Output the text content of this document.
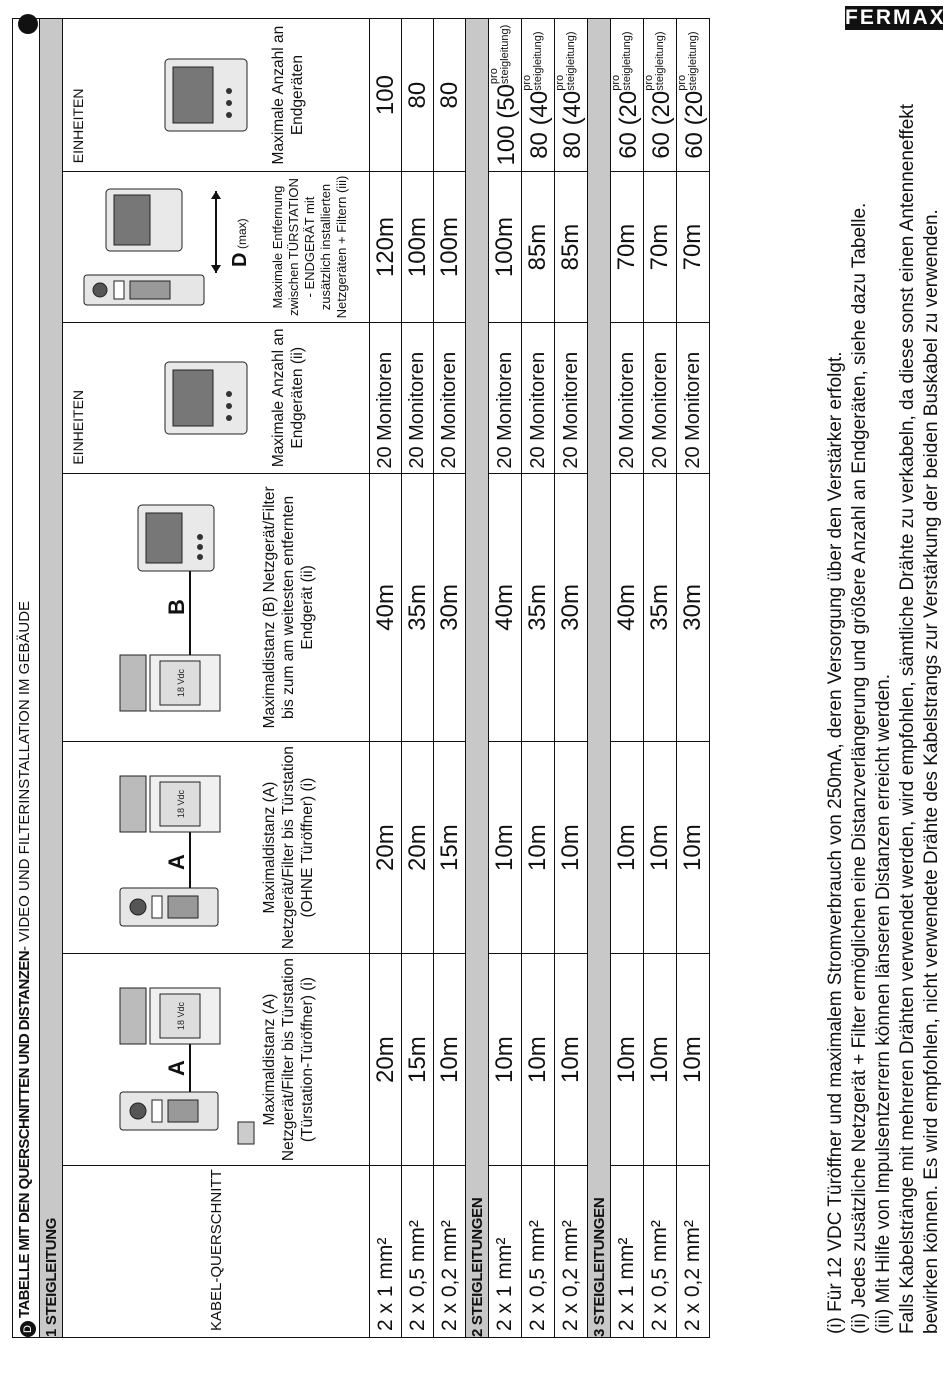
FERMAX
DTABELLE MIT DEN QUERSCHNITTEN UND DISTANZEN- VIDEO UND FILTERINSTALLATION IM GEBÄUDE						
1 STEIGLEITUNG						
KABEL-QUERSCHNITT	18 Vdc
A Maximaldistanz (A) Netzgerät/Filter bis Türstation (Türstation-Türöffner) (i)	18 Vdc
A Maximaldistanz (A) Netzgerät/Filter bis Türstation (OHNE Türöffner) (i)	18 Vdc
B Maximaldistanz (B) Netzgerät/Filter bis zum am weitesten entfernten Endgerät (ii)	EINHEITEN Maximale Anzahl an Endgeräten (ii)	D
(max) Maximale Entfernung zwischen TÜRSTATION - ENDGERÄT mit zusätzlich installierten Netzgeräten + Filtern (iii)	EINHEITEN Maximale Anzahl an Endgeräten

2 x 1 mm²	20m	20m	40m	20 Monitoren	120m	100
2 x 0,5 mm²	15m	20m	35m	20 Monitoren	100m	80
2 x 0,2 mm²	10m	15m	30m	20 Monitoren	100m	80
2 STEIGLEITUNGEN						
2 x 1 mm²	10m	10m	40m	20 Monitoren	100m	100 (50pro
steigleitung)
2 x 0,5 mm²	10m	10m	35m	20 Monitoren	85m	80 (40pro
steigleitung)
2 x 0,2 mm²	10m	10m	30m	20 Monitoren	85m	80 (40pro
steigleitung)
3 STEIGLEITUNGEN						
2 x 1 mm²	10m	10m	40m	20 Monitoren	70m	60 (20pro
steigleitung)
2 x 0,5 mm²	10m	10m	35m	20 Monitoren	70m	60 (20pro
steigleitung)
2 x 0,2 mm²	10m	10m	30m	20 Monitoren	70m	60 (20pro
steigleitung)

(i) Für 12 VDC Türöffner und maximalem Stromverbrauch von 250mA, deren Versorgung über den Verstärker erfolgt. (ii) Jedes zusätzliche Netzgerät + Filter ermöglichen eine Distanzverlängerung und größere Anzahl an Endgeräten, siehe dazu Tabelle. (iii) Mit Hilfe von Impulsentzerrern können länseren Distanzen erreicht werden. Falls Kabelstränge mit mehreren Drähten verwendet werden, wird empfohlen, sämtliche Drähte zu verkabeln, da diese sonst einen Antenneneffekt bewirken können. Es wird empfohlen, nicht verwendete Drähte des Kabelstrangs zur Verstärkung der beiden Buskabel zu verwenden.
